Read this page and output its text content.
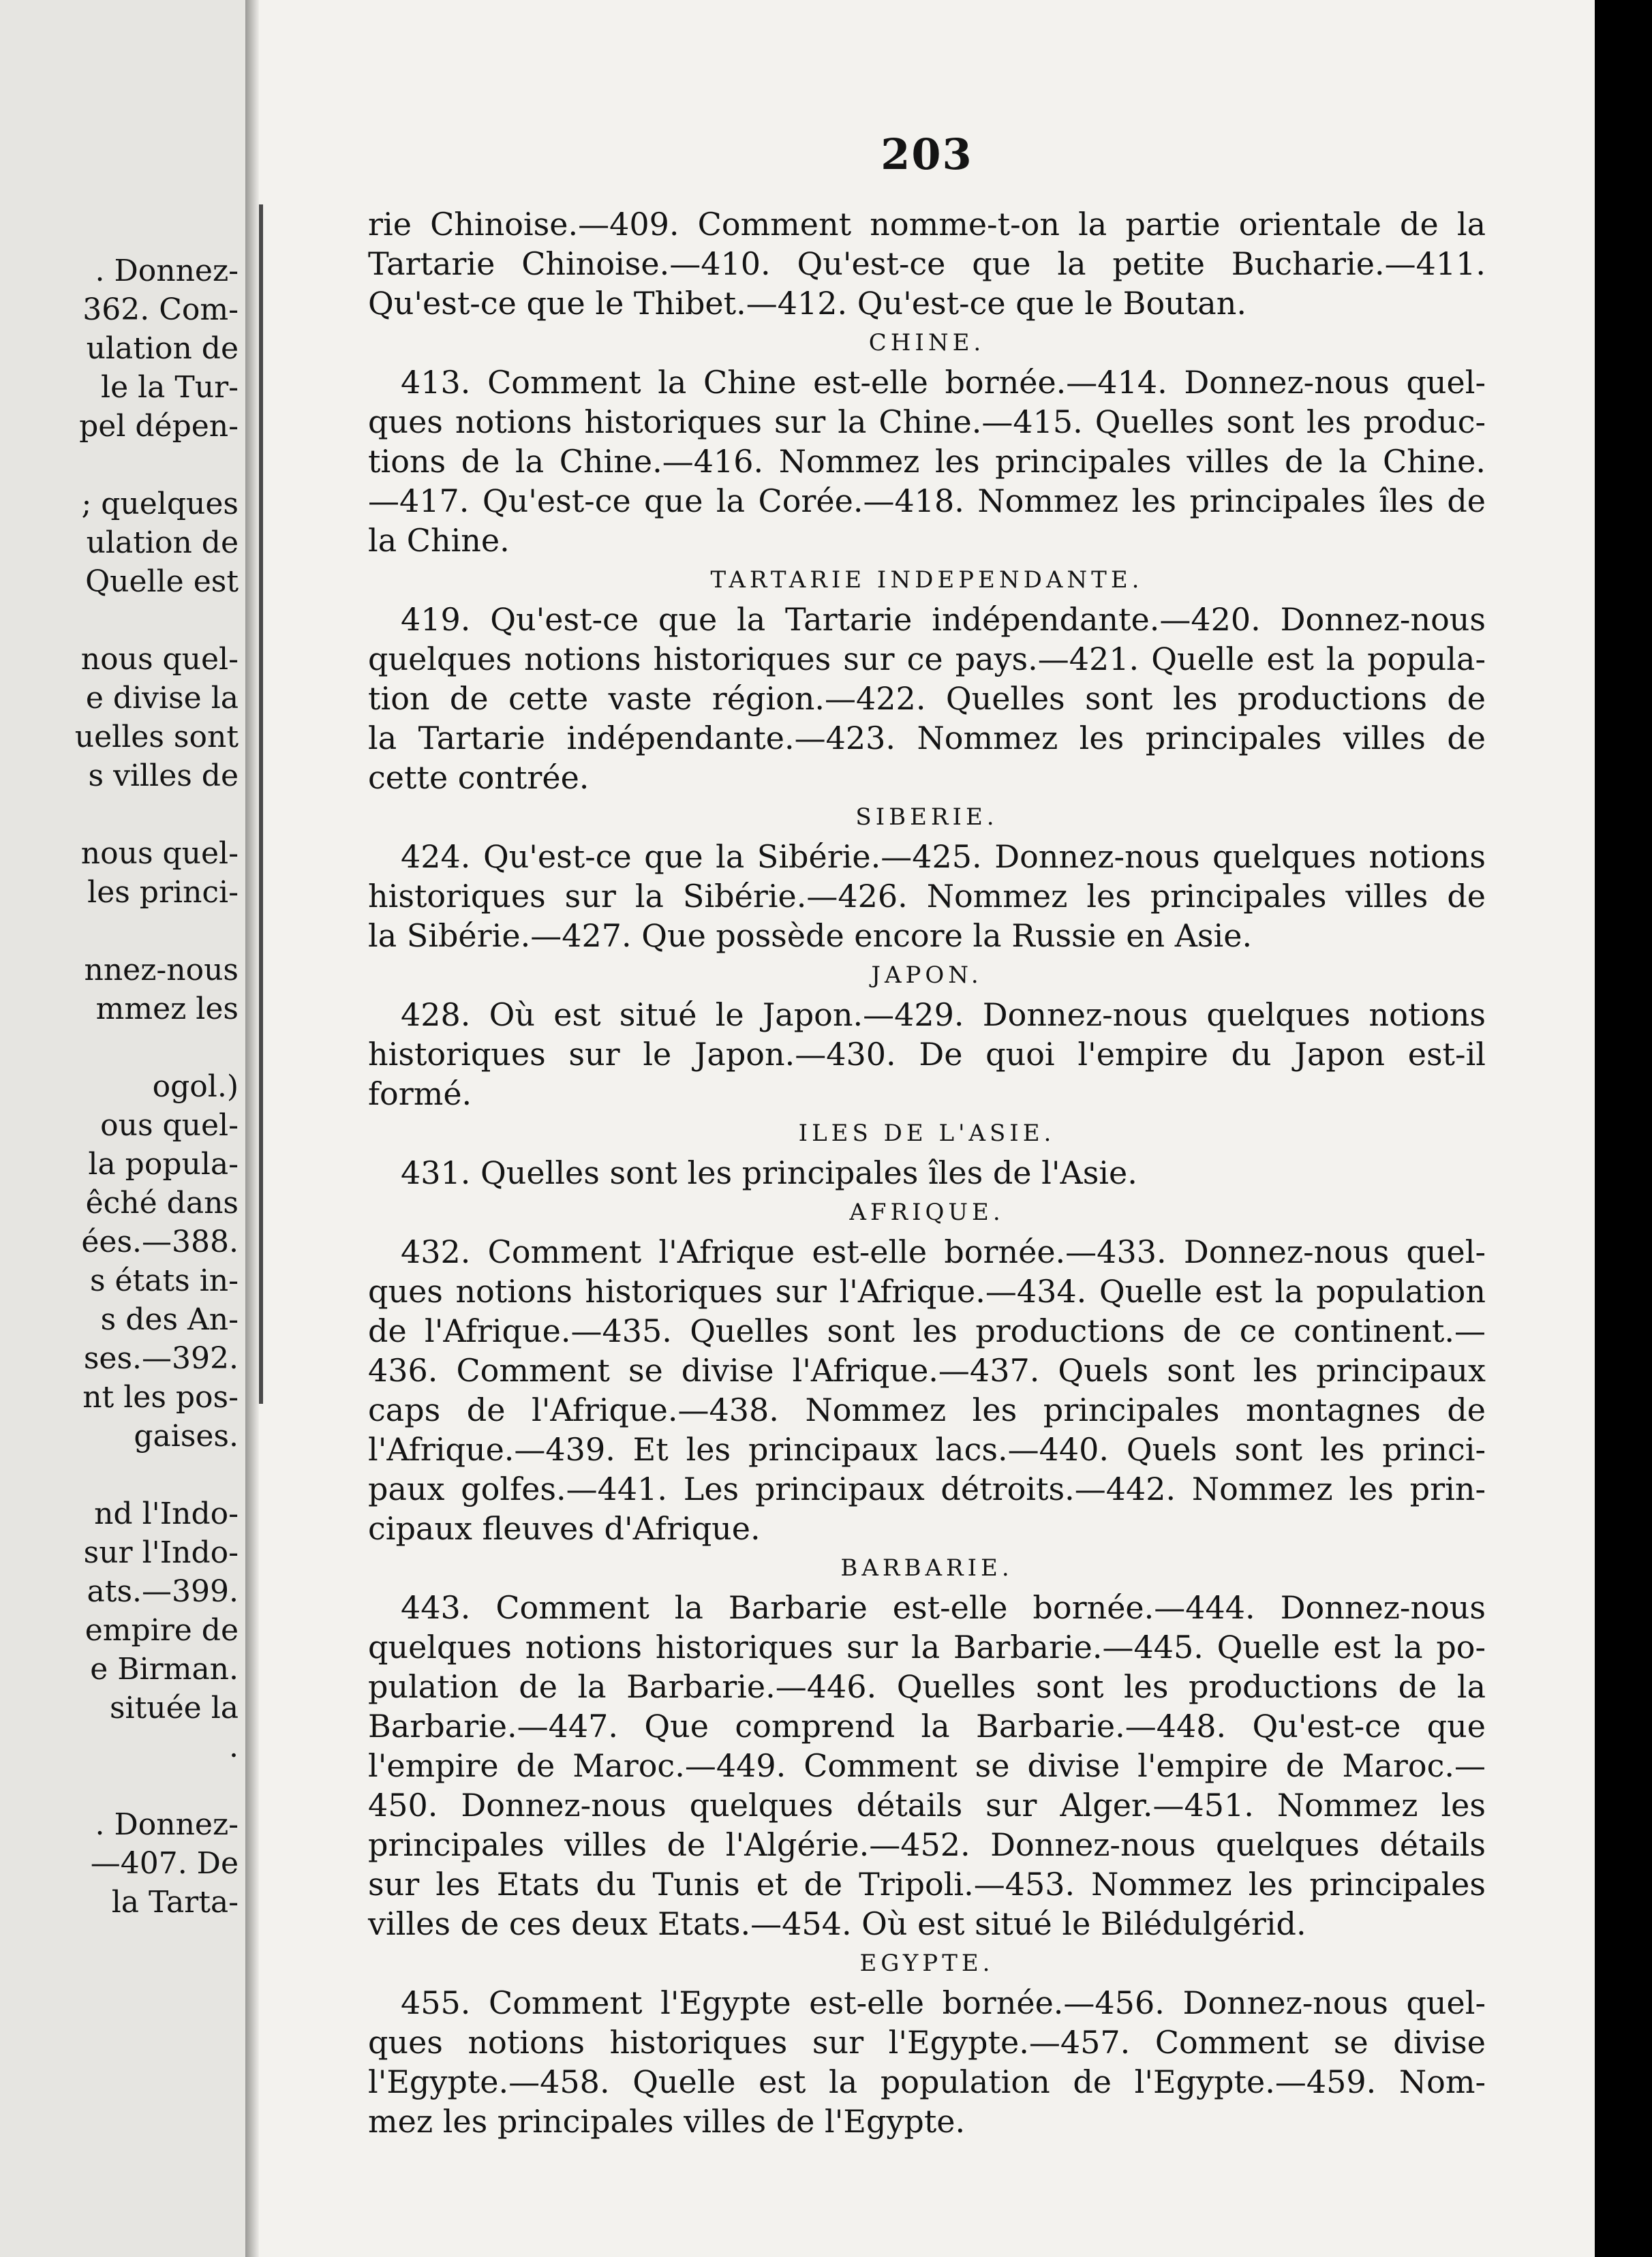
. Donnez-
362. Com-
ulation de
le la Tur-
pel dépen-
; quelques
ulation de
Quelle est
nous quel-
e divise la
uelles sont
s villes de
nous quel-
les princi-
nnez-nous
mmez les
ogol.)
ous quel-
la popula-
êché dans
ées.—388.
s états in-
s des An-
ses.—392.
nt les pos-
gaises.
nd l'Indo-
sur l'Indo-
ats.—399.
empire de
e Birman.
située la
.
. Donnez-
—407. De
la Tarta-
203
rie Chinoise.—409. Comment nomme-t-on la partie orientale de la
Tartarie Chinoise.—410. Qu'est-ce que la petite Bucharie.—411.
Qu'est-ce que le Thibet.—412. Qu'est-ce que le Boutan.
CHINE.
413. Comment la Chine est-elle bornée.—414. Donnez-nous quel-
ques notions historiques sur la Chine.—415. Quelles sont les produc-
tions de la Chine.—416. Nommez les principales villes de la Chine.
—417. Qu'est-ce que la Corée.—418. Nommez les principales îles de
la Chine.
TARTARIE INDEPENDANTE.
419. Qu'est-ce que la Tartarie indépendante.—420. Donnez-nous
quelques notions historiques sur ce pays.—421. Quelle est la popula-
tion de cette vaste région.—422. Quelles sont les productions de
la Tartarie indépendante.—423. Nommez les principales villes de
cette contrée.
SIBERIE.
424. Qu'est-ce que la Sibérie.—425. Donnez-nous quelques notions
historiques sur la Sibérie.—426. Nommez les principales villes de
la Sibérie.—427. Que possède encore la Russie en Asie.
JAPON.
428. Où est situé le Japon.—429. Donnez-nous quelques notions
historiques sur le Japon.—430. De quoi l'empire du Japon est-il
formé.
ILES DE L'ASIE.
431. Quelles sont les principales îles de l'Asie.
AFRIQUE.
432. Comment l'Afrique est-elle bornée.—433. Donnez-nous quel-
ques notions historiques sur l'Afrique.—434. Quelle est la population
de l'Afrique.—435. Quelles sont les productions de ce continent.—
436. Comment se divise l'Afrique.—437. Quels sont les principaux
caps de l'Afrique.—438. Nommez les principales montagnes de
l'Afrique.—439. Et les principaux lacs.—440. Quels sont les princi-
paux golfes.—441. Les principaux détroits.—442. Nommez les prin-
cipaux fleuves d'Afrique.
BARBARIE.
443. Comment la Barbarie est-elle bornée.—444. Donnez-nous
quelques notions historiques sur la Barbarie.—445. Quelle est la po-
pulation de la Barbarie.—446. Quelles sont les productions de la
Barbarie.—447. Que comprend la Barbarie.—448. Qu'est-ce que
l'empire de Maroc.—449. Comment se divise l'empire de Maroc.—
450. Donnez-nous quelques détails sur Alger.—451. Nommez les
principales villes de l'Algérie.—452. Donnez-nous quelques détails
sur les Etats du Tunis et de Tripoli.—453. Nommez les principales
villes de ces deux Etats.—454. Où est situé le Bilédulgérid.
EGYPTE.
455. Comment l'Egypte est-elle bornée.—456. Donnez-nous quel-
ques notions historiques sur l'Egypte.—457. Comment se divise
l'Egypte.—458. Quelle est la population de l'Egypte.—459. Nom-
mez les principales villes de l'Egypte.
